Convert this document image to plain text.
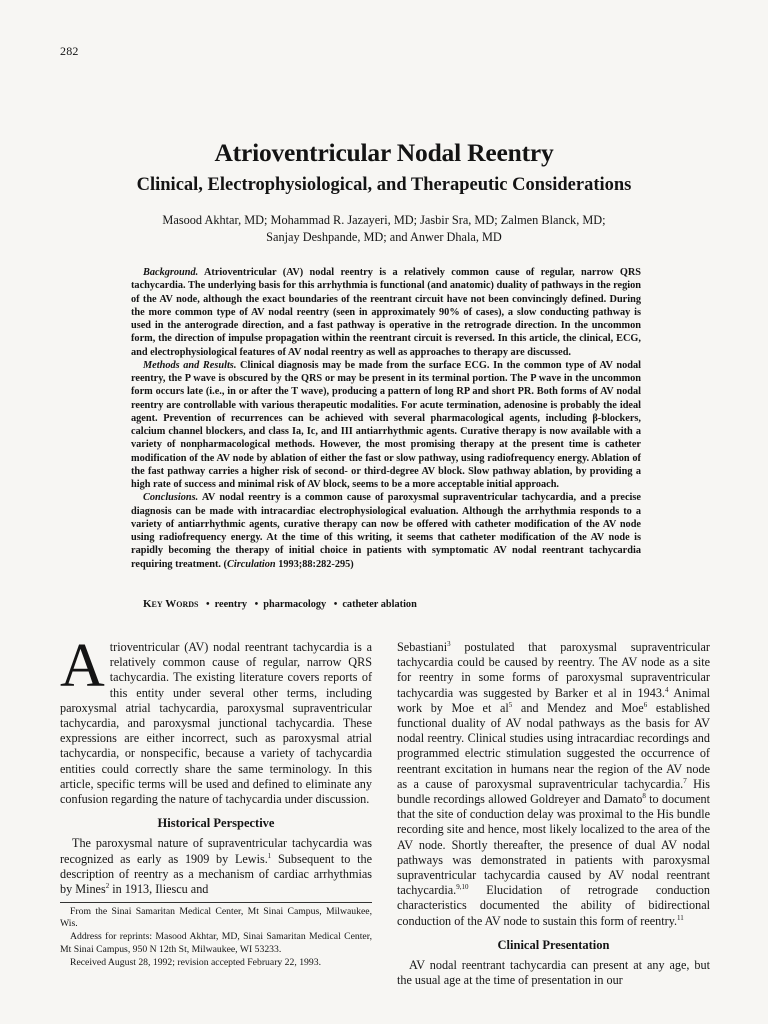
282
Atrioventricular Nodal Reentry
Clinical, Electrophysiological, and Therapeutic Considerations
Masood Akhtar, MD; Mohammad R. Jazayeri, MD; Jasbir Sra, MD; Zalmen Blanck, MD;
Sanjay Deshpande, MD; and Anwer Dhala, MD

Background. Atrioventricular (AV) nodal reentry is a relatively common cause of regular, narrow QRS tachycardia. The underlying basis for this arrhythmia is functional (and anatomic) duality of pathways in the region of the AV node, although the exact boundaries of the reentrant circuit have not been convincingly defined. During the more common type of AV nodal reentry (seen in approximately 90% of cases), a slow conducting pathway is used in the anterograde direction, and a fast pathway is operative in the retrograde direction. In the uncommon form, the direction of impulse propagation within the reentrant circuit is reversed. In this article, the clinical, ECG, and electrophysiological features of AV nodal reentry as well as approaches to therapy are discussed.

Methods and Results. Clinical diagnosis may be made from the surface ECG. In the common type of AV nodal reentry, the P wave is obscured by the QRS or may be present in its terminal portion. The P wave in the uncommon form occurs late (i.e., in or after the T wave), producing a pattern of long RP and short PR. Both forms of AV nodal reentry are controllable with various therapeutic modalities. For acute termination, adenosine is probably the ideal agent. Prevention of recurrences can be achieved with several pharmacological agents, including β-blockers, calcium channel blockers, and class Ia, Ic, and III antiarrhythmic agents. Curative therapy is now available with a variety of nonpharmacological methods. However, the most promising therapy at the present time is catheter modification of the AV node by ablation of either the fast or slow pathway, using radiofrequency energy. Ablation of the fast pathway carries a higher risk of second- or third-degree AV block. Slow pathway ablation, by providing a high rate of success and minimal risk of AV block, seems to be a more acceptable initial approach.

Conclusions. AV nodal reentry is a common cause of paroxysmal supraventricular tachycardia, and a precise diagnosis can be made with intracardiac electrophysiological evaluation. Although the arrhythmia responds to a variety of antiarrhythmic agents, curative therapy can now be offered with catheter modification of the AV node using radiofrequency energy. At the time of this writing, it seems that catheter modification of the AV node is rapidly becoming the therapy of initial choice in patients with symptomatic AV nodal reentrant tachycardia requiring treatment. (Circulation 1993;88:282-295)

Key Words • reentry • pharmacology • catheter ablation

Atrioventricular (AV) nodal reentrant tachycardia is a relatively common cause of regular, narrow QRS tachycardia. The existing literature covers reports of this entity under several other terms, including paroxysmal atrial tachycardia, paroxysmal supraventricular tachycardia, and paroxysmal junctional tachycardia. These expressions are either incorrect, such as paroxysmal atrial tachycardia, or nonspecific, because a variety of tachycardia entities could correctly share the same terminology. In this article, specific terms will be used and defined to eliminate any confusion regarding the nature of tachycardia under discussion.

Historical Perspective

The paroxysmal nature of supraventricular tachycardia was recognized as early as 1909 by Lewis.$^1$ Subsequent to the description of reentry as a mechanism of cardiac arrhythmias by Mines$^2$ in 1913, Iliescu and

From the Sinai Samaritan Medical Center, Mt Sinai Campus, Milwaukee, Wis.

Address for reprints: Masood Akhtar, MD, Sinai Samaritan Medical Center, Mt Sinai Campus, 950 N 12th St, Milwaukee, WI 53233.

Received August 28, 1992; revision accepted February 22, 1993.

Sebastiani$^3$ postulated that paroxysmal supraventricular tachycardia could be caused by reentry. The AV node as a site for reentry in some forms of paroxysmal supraventricular tachycardia was suggested by Barker et al in 1943.$^4$ Animal work by Moe et $al^5$ and Mendez and Moe$^6$ established functional duality of AV nodal pathways as the basis for AV nodal reentry. Clinical studies using intracardiac recordings and programmed electric stimulation suggested the occurrence of reentrant excitation in humans near the region of the AV node as a cause of paroxysmal supraventricular tachycardia.$^7$ His bundle recordings allowed Goldreyer and Damato$^8$ to document that the site of conduction delay was proximal to the His bundle recording site and hence, most likely localized to the area of the AV node. Shortly thereafter, the presence of dual AV nodal pathways was demonstrated in patients with paroxysmal supraventricular tachycardia caused by AV nodal reentrant tachycardia.$^{9,10}$ Elucidation of retrograde conduction characteristics documented the ability of bidirectional conduction of the AV node to sustain this form of reentry.$^{11}$

Clinical Presentation

AV nodal reentrant tachycardia can present at any age, but the usual age at the time of presentation in our
